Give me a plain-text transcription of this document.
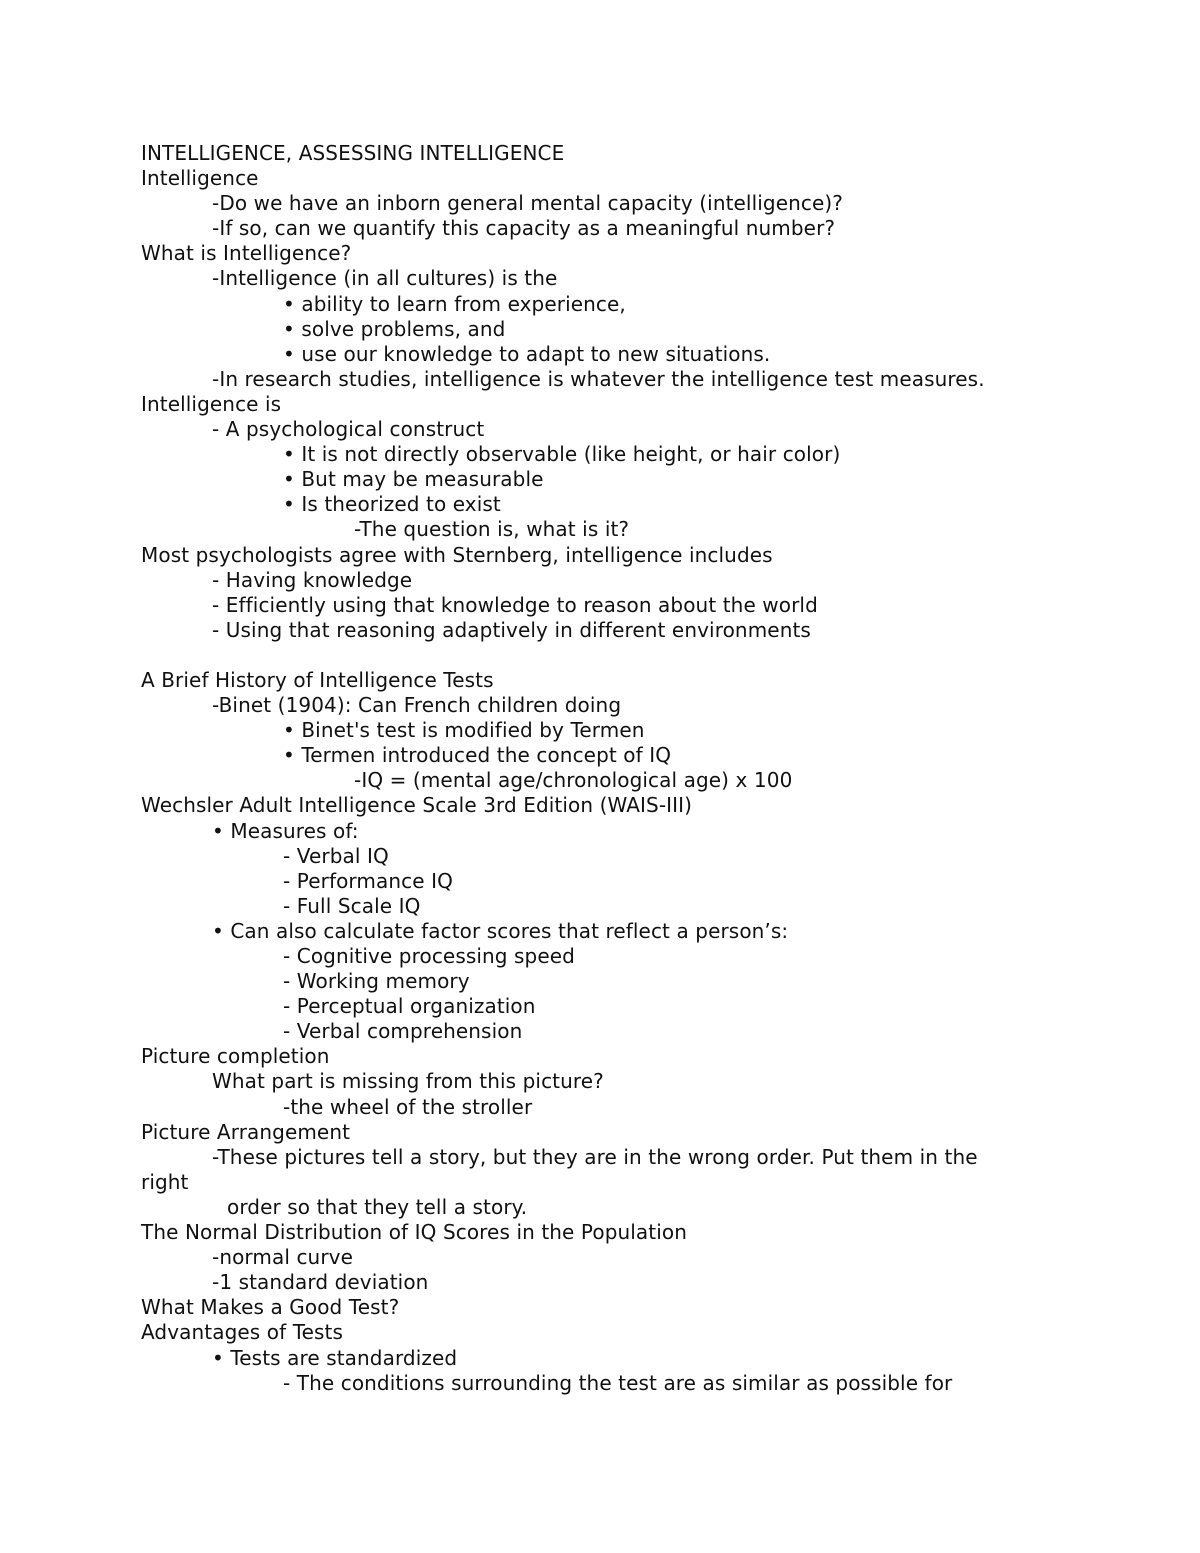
INTELLIGENCE, ASSESSING INTELLIGENCE
Intelligence
-Do we have an inborn general mental capacity (intelligence)?
-If so, can we quantify this capacity as a meaningful number?
What is Intelligence?
-Intelligence (in all cultures) is the
• ability to learn from experience,
• solve problems, and
• use our knowledge to adapt to new situations.
-In research studies, intelligence is whatever the intelligence test measures.
Intelligence is
- A psychological construct
• It is not directly observable (like height, or hair color)
• But may be measurable
• Is theorized to exist
-The question is, what is it?
Most psychologists agree with Sternberg, intelligence includes
- Having knowledge
- Efficiently using that knowledge to reason about the world
- Using that reasoning adaptively in different environments
A Brief History of Intelligence Tests
-Binet (1904): Can French children doing
• Binet's test is modified by Termen
• Termen introduced the concept of IQ
-IQ = (mental age/chronological age) x 100
Wechsler Adult Intelligence Scale 3rd Edition (WAIS-III)
• Measures of:
- Verbal IQ
- Performance IQ
- Full Scale IQ
• Can also calculate factor scores that reflect a person’s:
- Cognitive processing speed
- Working memory
- Perceptual organization
- Verbal comprehension
Picture completion
What part is missing from this picture?
-the wheel of the stroller
Picture Arrangement
-These pictures tell a story, but they are in the wrong order. Put them in the
right
order so that they tell a story.
The Normal Distribution of IQ Scores in the Population
-normal curve
-1 standard deviation
What Makes a Good Test?
Advantages of Tests
• Tests are standardized
- The conditions surrounding the test are as similar as possible for
